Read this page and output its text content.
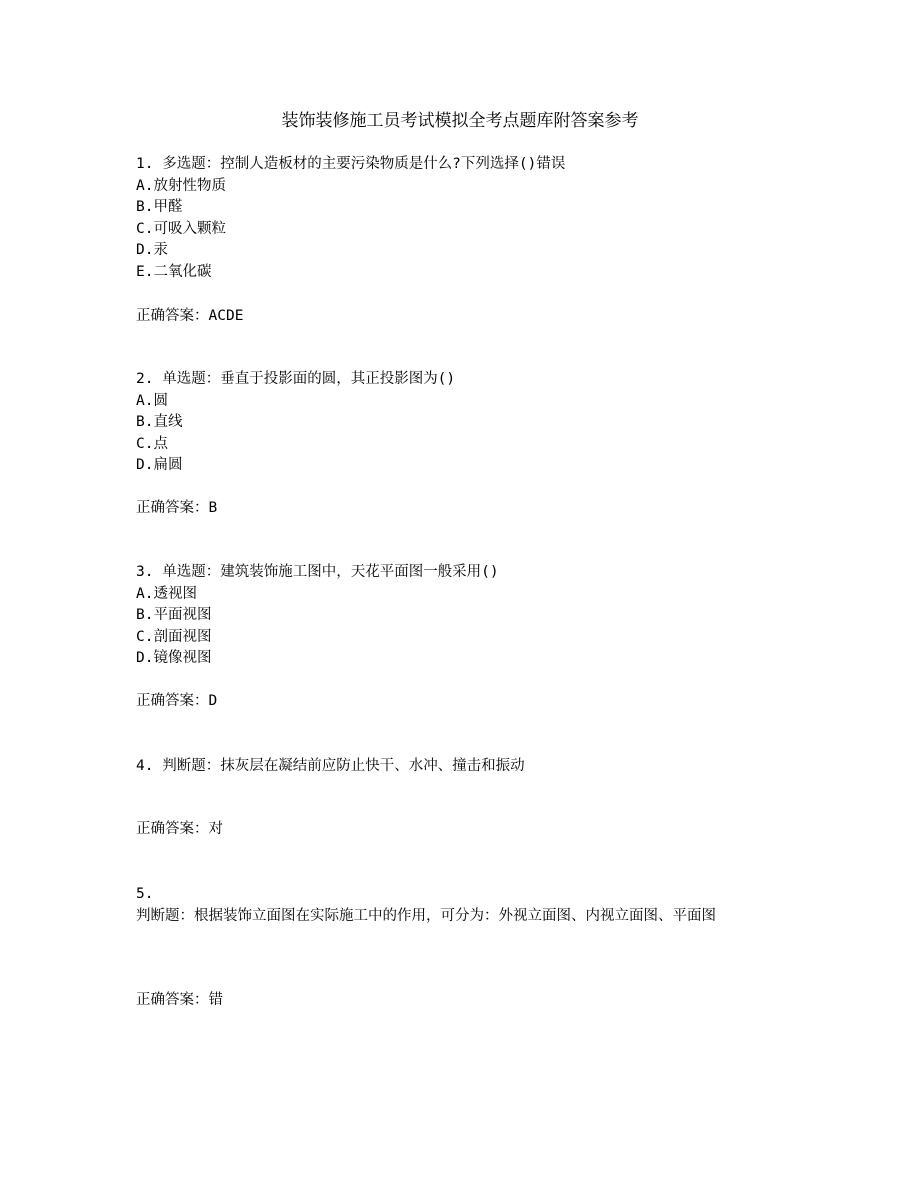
装饰装修施工员考试模拟全考点题库附答案参考
1. 多选题：控制人造板材的主要污染物质是什么?下列选择()错误
A.放射性物质
B.甲醛
C.可吸入颗粒
D.汞
E.二氧化碳
正确答案：ACDE
2. 单选题：垂直于投影面的圆，其正投影图为()
A.圆
B.直线
C.点
D.扁圆
正确答案：B
3. 单选题：建筑装饰施工图中，天花平面图一般采用()
A.透视图
B.平面视图
C.剖面视图
D.镜像视图
正确答案：D
4. 判断题：抹灰层在凝结前应防止快干、水冲、撞击和振动
正确答案：对
5.
判断题：根据装饰立面图在实际施工中的作用，可分为：外视立面图、内视立面图、平面图
正确答案：错
